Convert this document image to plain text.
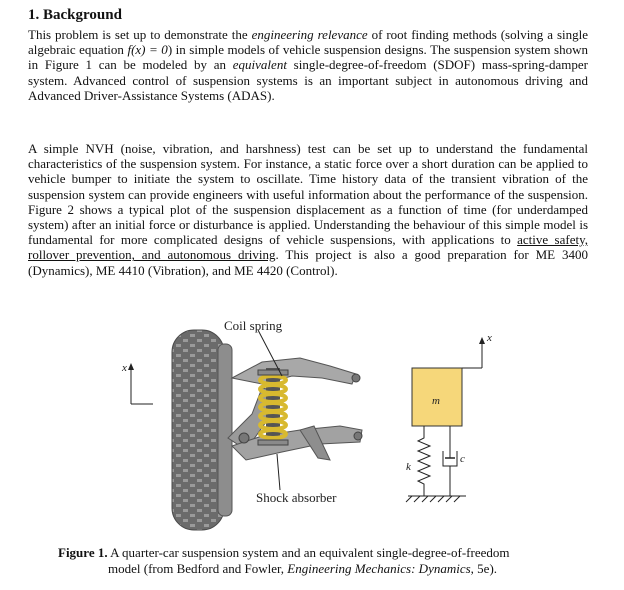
1. Background
This problem is set up to demonstrate the engineering relevance of root finding methods (solving a single algebraic equation f(x) = 0) in simple models of vehicle suspension designs. The suspension system shown in Figure 1 can be modeled by an equivalent single-degree-of-freedom (SDOF) mass-spring-damper system. Advanced control of suspension systems is an important subject in autonomous driving and Advanced Driver-Assistance Systems (ADAS).
A simple NVH (noise, vibration, and harshness) test can be set up to understand the fundamental characteristics of the suspension system. For instance, a static force over a short duration can be applied to vehicle bumper to initiate the system to oscillate. Time history data of the transient vibration of the suspension system can provide engineers with useful information about the performance of the suspension. Figure 2 shows a typical plot of the suspension displacement as a function of time (for underdamped system) after an initial force or disturbance is applied. Understanding the behaviour of this simple model is fundamental for more complicated designs of vehicle suspensions, with applications to active safety, rollover prevention, and autonomous driving. This project is also a good preparation for ME 3400 (Dynamics), ME 4410 (Vibration), and ME 4420 (Control).
x
Coil spring
Shock absorber
m
x
k
c
Figure 1. A quarter-car suspension system and an equivalent single-degree-of-freedom
model (from Bedford and Fowler, Engineering Mechanics: Dynamics, 5e).
